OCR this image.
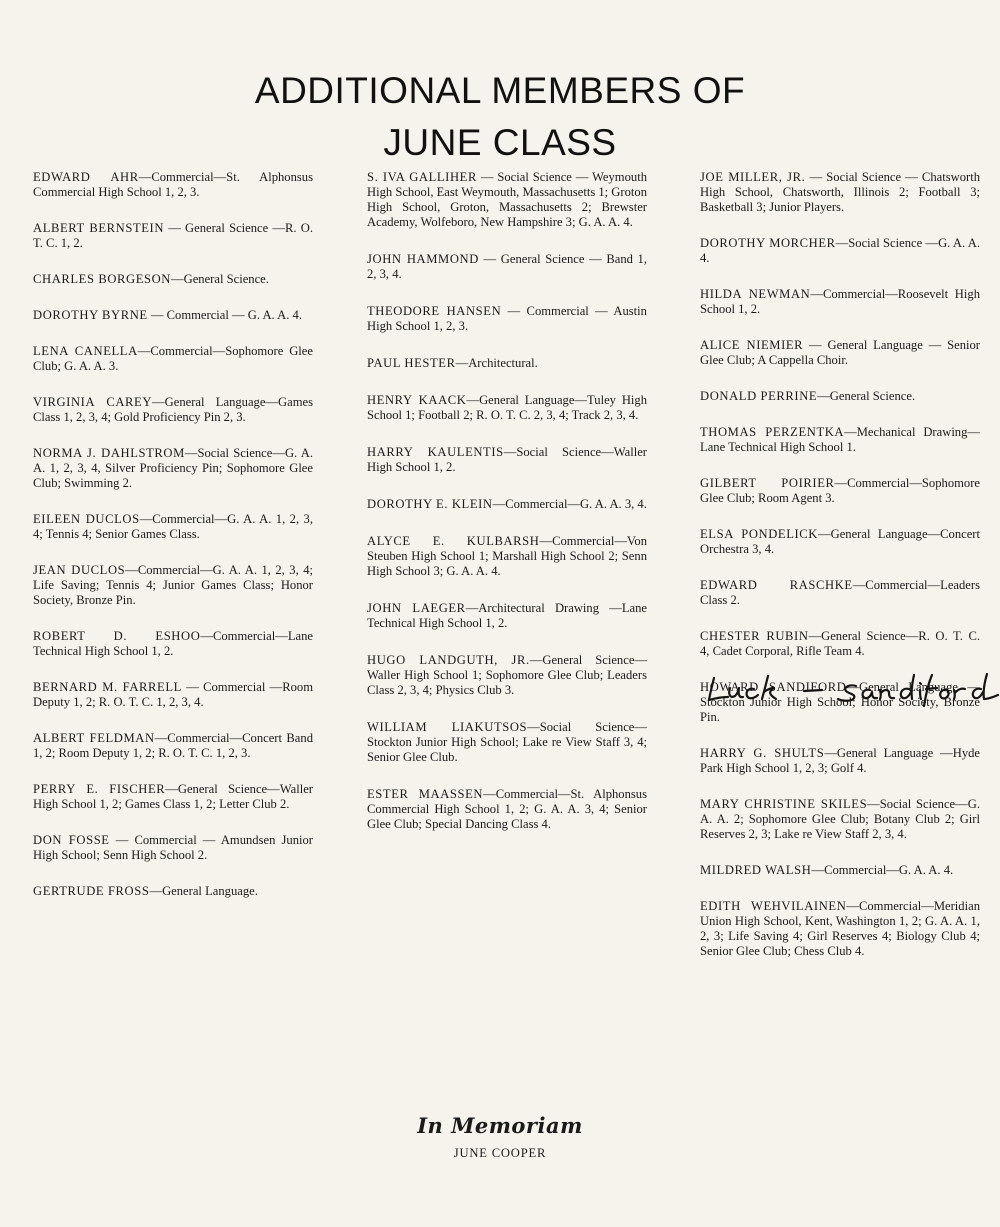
ADDITIONAL MEMBERS OF
JUNE CLASS

EDWARD AHR—Commercial—St. Alphonsus Commercial High School 1, 2, 3.

ALBERT BERNSTEIN — General Science —R. O. T. C. 1, 2.

CHARLES BORGESON—General Science.

DOROTHY BYRNE — Commercial — G. A. A. 4.

LENA CANELLA—Commercial—Sophomore Glee Club; G. A. A. 3.

VIRGINIA CAREY—General Language—Games Class 1, 2, 3, 4; Gold Proficiency Pin 2, 3.

NORMA J. DAHLSTROM—Social Science—G. A. A. 1, 2, 3, 4, Silver Proficiency Pin; Sophomore Glee Club; Swimming 2.

EILEEN DUCLOS—Commercial—G. A. A. 1, 2, 3, 4; Tennis 4; Senior Games Class.

JEAN DUCLOS—Commercial—G. A. A. 1, 2, 3, 4; Life Saving; Tennis 4; Junior Games Class; Honor Society, Bronze Pin.

ROBERT D. ESHOO—Commercial—Lane Technical High School 1, 2.

BERNARD M. FARRELL — Commercial —Room Deputy 1, 2; R. O. T. C. 1, 2, 3, 4.

ALBERT FELDMAN—Commercial—Concert Band 1, 2; Room Deputy 1, 2; R. O. T. C. 1, 2, 3.

PERRY E. FISCHER—General Science—Waller High School 1, 2; Games Class 1, 2; Letter Club 2.

DON FOSSE — Commercial — Amundsen Junior High School; Senn High School 2.

GERTRUDE FROSS—General Language.

S. IVA GALLIHER — Social Science — Weymouth High School, East Weymouth, Massachusetts 1; Groton High School, Groton, Massachusetts 2; Brewster Academy, Wolfeboro, New Hampshire 3; G. A. A. 4.

JOHN HAMMOND — General Science — Band 1, 2, 3, 4.

THEODORE HANSEN — Commercial — Austin High School 1, 2, 3.

PAUL HESTER—Architectural.

HENRY KAACK—General Language—Tuley High School 1; Football 2; R. O. T. C. 2, 3, 4; Track 2, 3, 4.

HARRY KAULENTIS—Social Science—Waller High School 1, 2.

DOROTHY E. KLEIN—Commercial—G. A. A. 3, 4.

ALYCE E. KULBARSH—Commercial—Von Steuben High School 1; Marshall High School 2; Senn High School 3; G. A. A. 4.

JOHN LAEGER—Architectural Drawing —Lane Technical High School 1, 2.

HUGO LANDGUTH, JR.—General Science—Waller High School 1; Sophomore Glee Club; Leaders Class 2, 3, 4; Physics Club 3.

WILLIAM LIAKUTSOS—Social Science—Stockton Junior High School; Lake re View Staff 3, 4; Senior Glee Club.

ESTER MAASSEN—Commercial—St. Alphonsus Commercial High School 1, 2; G. A. A. 3, 4; Senior Glee Club; Special Dancing Class 4.

JOE MILLER, JR. — Social Science — Chatsworth High School, Chatsworth, Illinois 2; Football 3; Basketball 3; Junior Players.

DOROTHY MORCHER—Social Science —G. A. A. 4.

HILDA NEWMAN—Commercial—Roosevelt High School 1, 2.

ALICE NIEMIER — General Language — Senior Glee Club; A Cappella Choir.

DONALD PERRINE—General Science.

THOMAS PERZENTKA—Mechanical Drawing—Lane Technical High School 1.

GILBERT POIRIER—Commercial—Sophomore Glee Club; Room Agent 3.

ELSA PONDELICK—General Language—Concert Orchestra 3, 4.

EDWARD RASCHKE—Commercial—Leaders Class 2.

CHESTER RUBIN—General Science—R. O. T. C. 4, Cadet Corporal, Rifle Team 4.

HOWARD SANDIFORD—General Language — Stockton Junior High School; Honor Society, Bronze Pin.

HARRY G. SHULTS—General Language —Hyde Park High School 1, 2, 3; Golf 4.

MARY CHRISTINE SKILES—Social Science—G. A. A. 2; Sophomore Glee Club; Botany Club 2; Girl Reserves 2, 3; Lake re View Staff 2, 3, 4.

MILDRED WALSH—Commercial—G. A. A. 4.

EDITH WEHVILAINEN—Commercial—Meridian Union High School, Kent, Washington 1, 2; G. A. A. 1, 2, 3; Life Saving 4; Girl Reserves 4; Biology Club 4; Senior Glee Club; Chess Club 4.

In Memoriam
JUNE COOPER
